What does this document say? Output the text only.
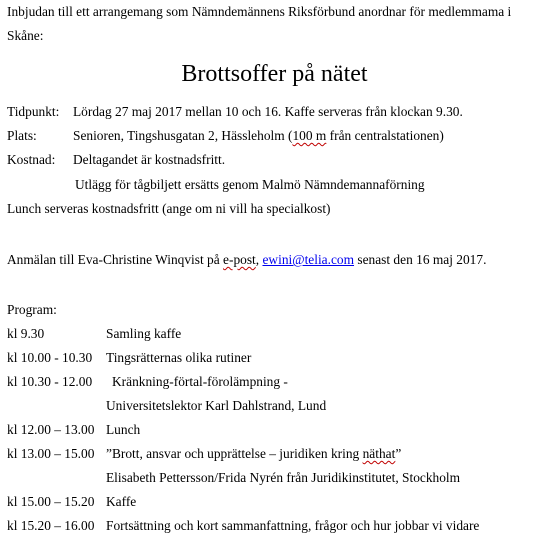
Inbjudan till ett arrangemang som Nämndemännens Riksförbund anordnar för medlemmama i
Skåne:
Brottsoffer på nätet
Tidpunkt: Lördag 27 maj 2017 mellan 10 och 16. Kaffe serveras från klockan 9.30.
Plats:	Senioren, Tingshusgatan 2, Hässleholm (100 m från centralstationen)
Kostnad: Deltagandet är kostnadsfritt.
Utlägg för tågbiljett ersätts genom Malmö Nämndemannaförning
Lunch serveras kostnadsfritt (ange om ni vill ha specialkost)
Anmälan till Eva-Christine Winqvist på e-post, ewini@telia.com senast den 16 maj 2017.
Program:
kl 9.30	Samling kaffe
kl 10.00 - 10.30 Tingsrätternas olika rutiner
kl 10.30 - 12.00 Kränkning-förtal-förolämpning -
Universitetslektor Karl Dahlstrand, Lund
kl 12.00 – 13.00 Lunch
kl 13.00 – 15.00 ”Brott, ansvar och upprättelse – juridiken kring näthat”
Elisabeth Pettersson/Frida Nyrén från Juridikinstitutet, Stockholm
kl 15.00 – 15.20 Kaffe
kl 15.20 – 16.00 Fortsättning och kort sammanfattning, frågor och hur jobbar vi vidare
